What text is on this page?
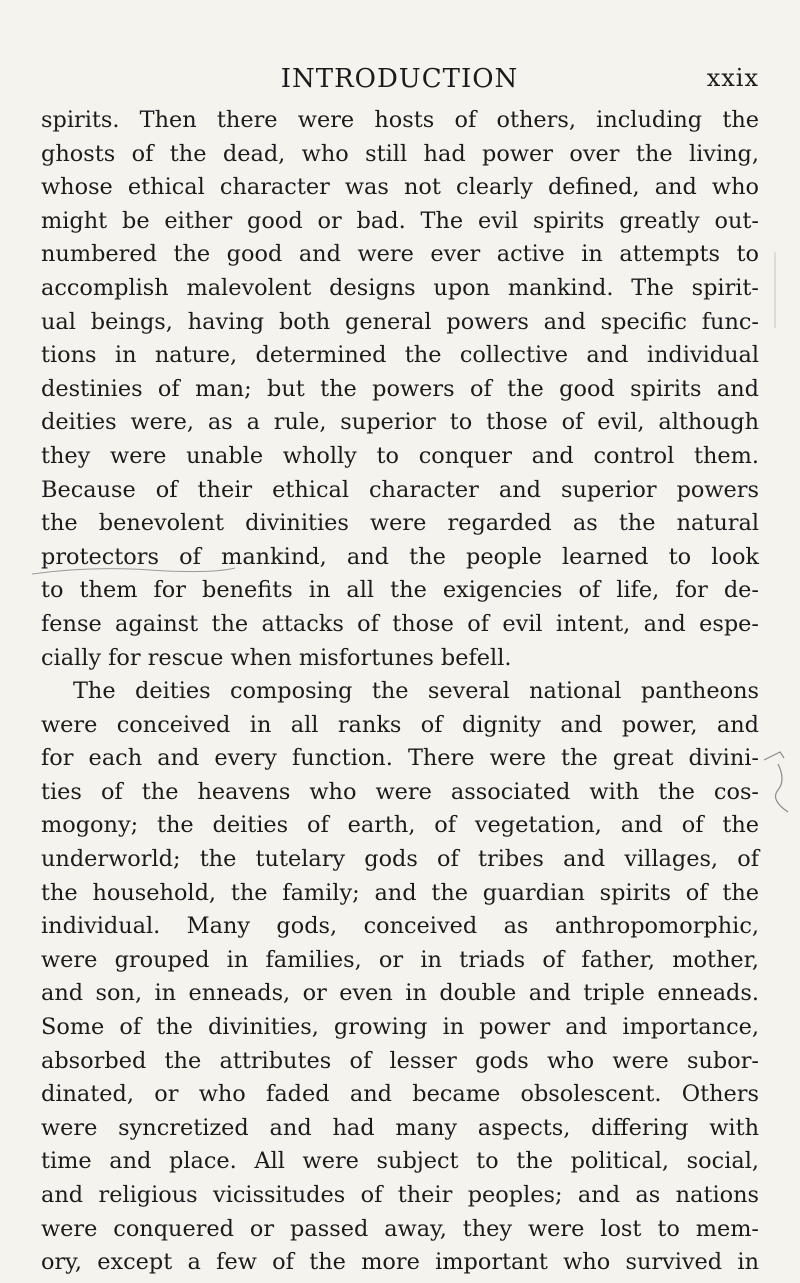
INTRODUCTION	xxix
spirits. Then there were hosts of others, including the
ghosts of the dead, who still had power over the living,
whose ethical character was not clearly defined, and who
might be either good or bad. The evil spirits greatly out-
numbered the good and were ever active in attempts to
accomplish malevolent designs upon mankind. The spirit-
ual beings, having both general powers and specific func-
tions in nature, determined the collective and individual
destinies of man; but the powers of the good spirits and
deities were, as a rule, superior to those of evil, although
they were unable wholly to conquer and control them.
Because of their ethical character and superior powers
the benevolent divinities were regarded as the natural
protectors of mankind, and the people learned to look
to them for benefits in all the exigencies of life, for de-
fense against the attacks of those of evil intent, and espe-
cially for rescue when misfortunes befell.
The deities composing the several national pantheons
were conceived in all ranks of dignity and power, and
for each and every function. There were the great divini-
ties of the heavens who were associated with the cos-
mogony; the deities of earth, of vegetation, and of the
underworld; the tutelary gods of tribes and villages, of
the household, the family; and the guardian spirits of the
individual. Many gods, conceived as anthropomorphic,
were grouped in families, or in triads of father, mother,
and son, in enneads, or even in double and triple enneads.
Some of the divinities, growing in power and importance,
absorbed the attributes of lesser gods who were subor-
dinated, or who faded and became obsolescent. Others
were syncretized and had many aspects, differing with
time and place. All were subject to the political, social,
and religious vicissitudes of their peoples; and as nations
were conquered or passed away, they were lost to mem-
ory, except a few of the more important who survived in
